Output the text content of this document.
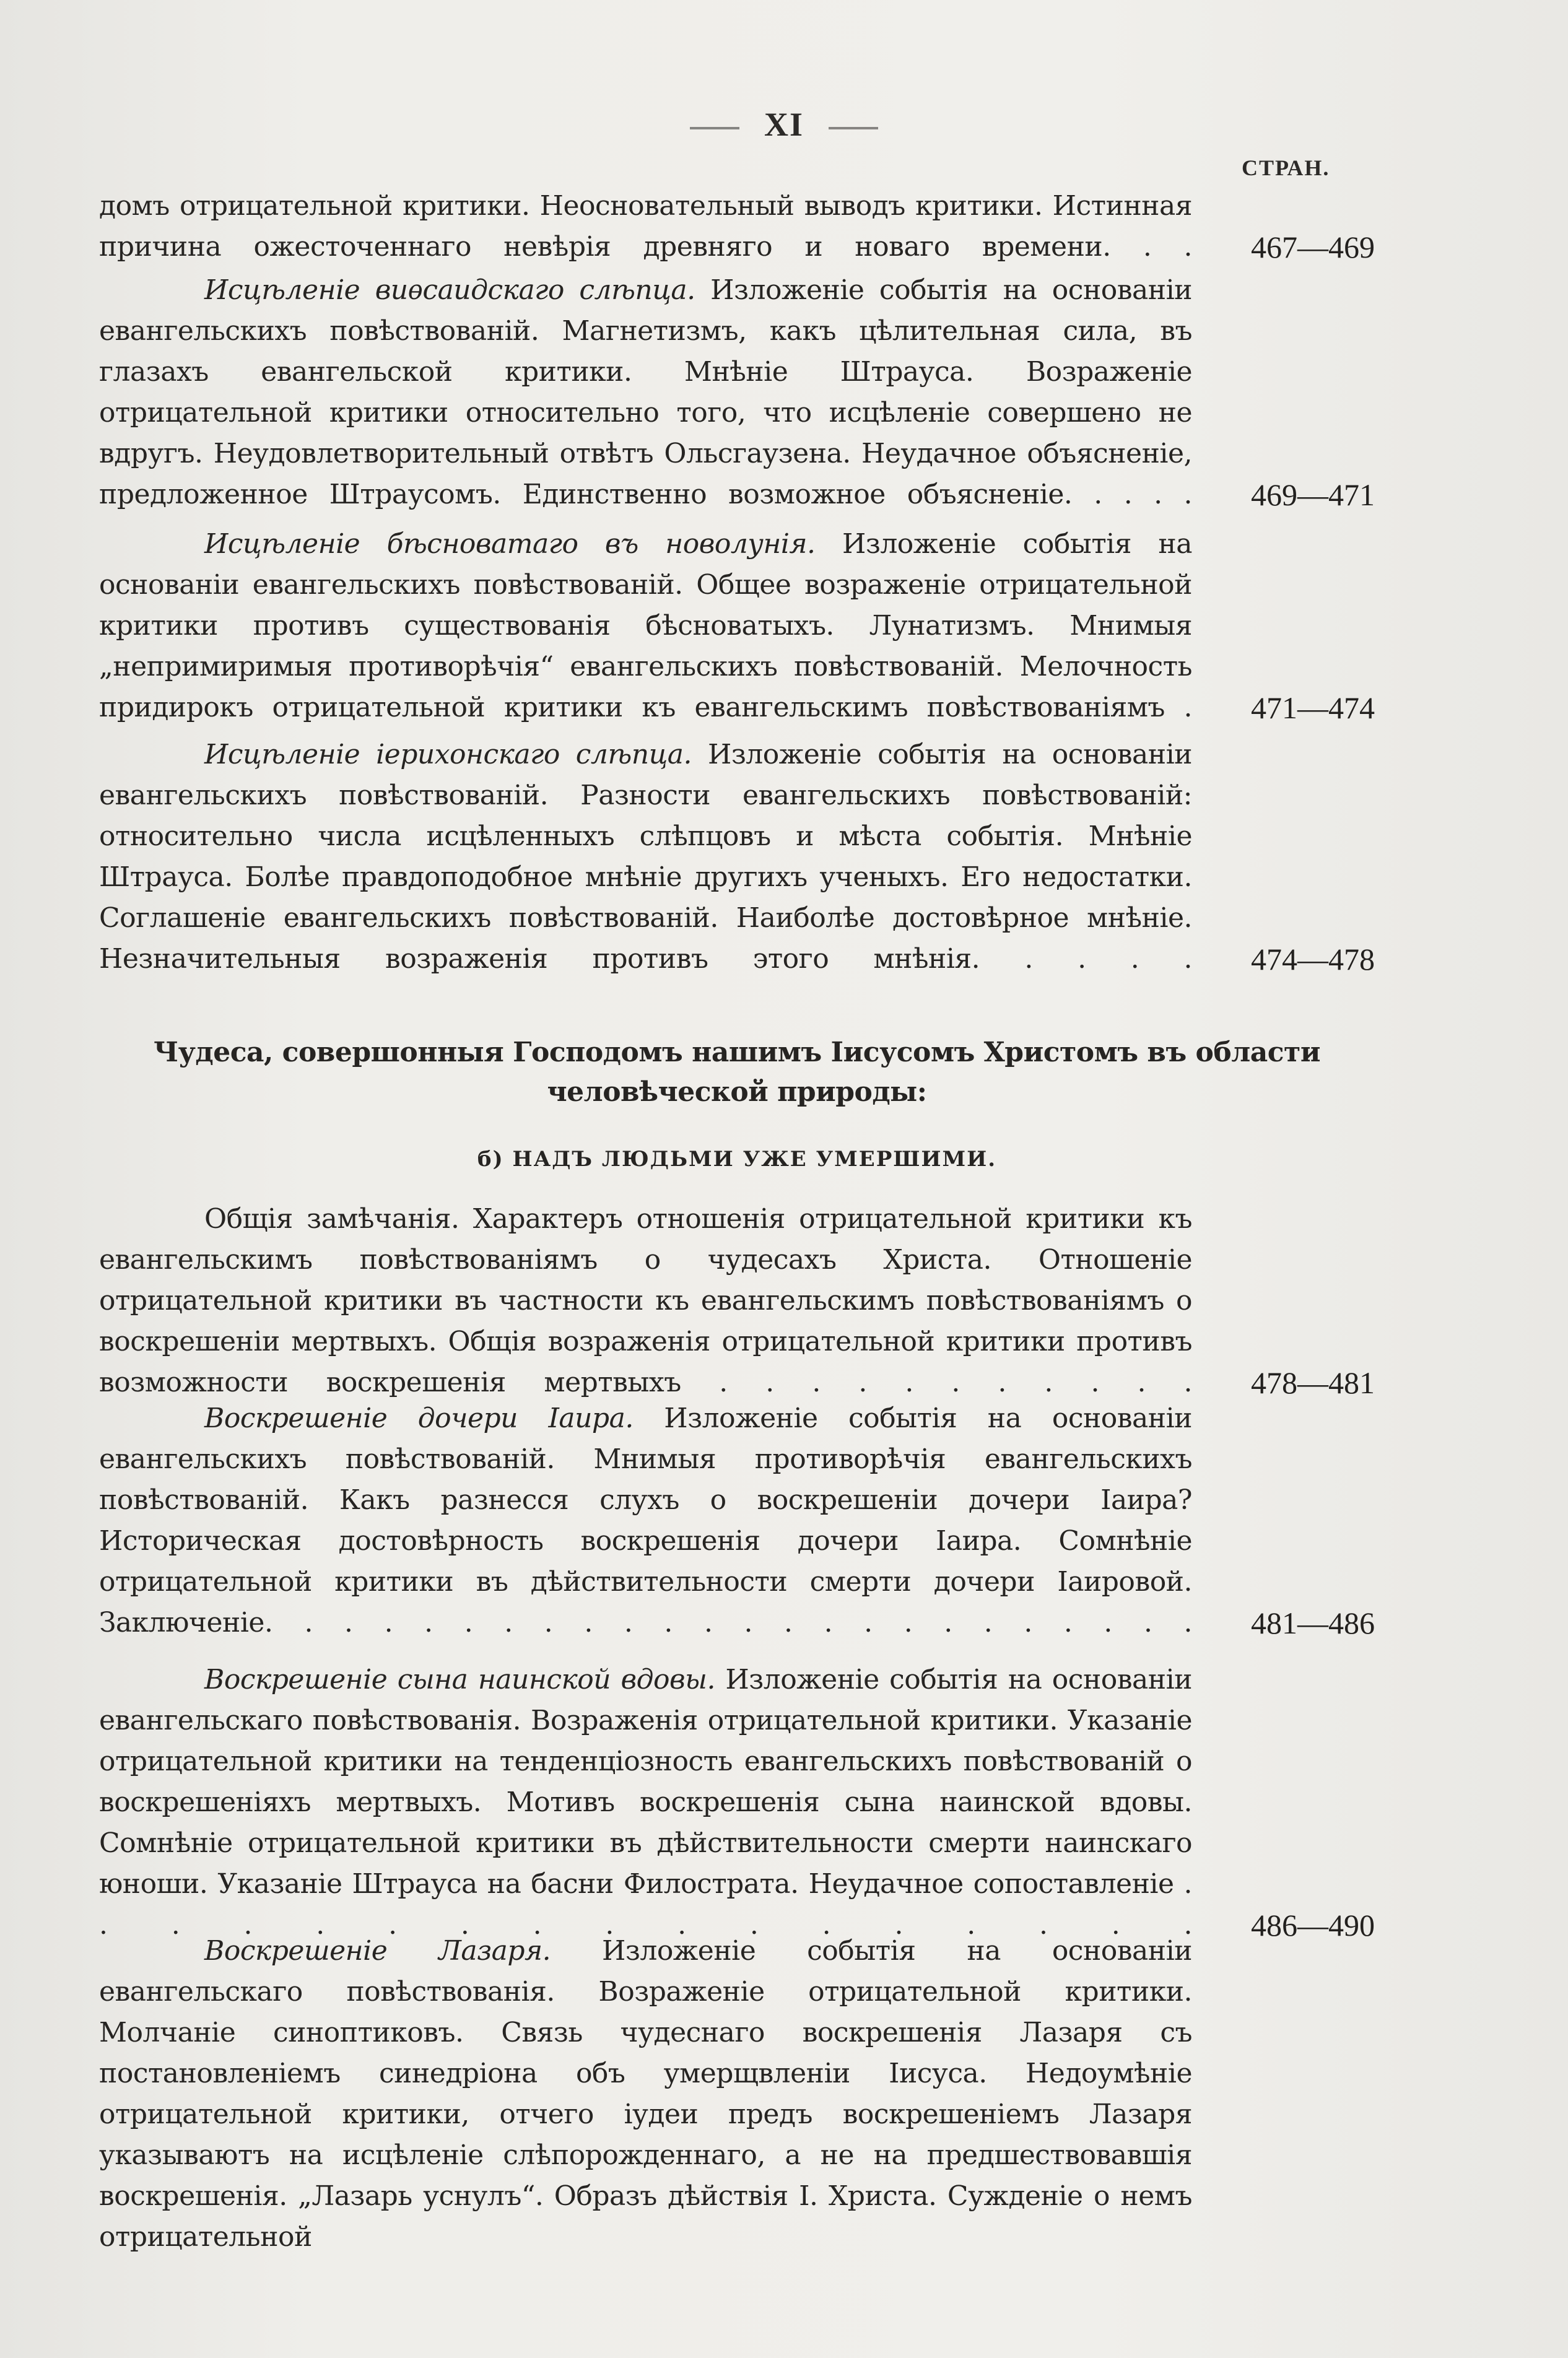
XI
СТРАН.
домъ отрицательной критики. Неосновательный выводъ критики. Истинная причина ожесточеннаго невѣрія древняго и новаго времени. . . 467—469
Исцѣленіе виѳсаидскаго слѣпца. Изложеніе событія на основаніи евангельскихъ повѣствованій. Магнетизмъ, какъ цѣлительная сила, въ глазахъ евангельской критики. Мнѣніе Штрауса. Возраженіе отрицательной критики относительно того, что исцѣленіе совершено не вдругъ. Неудовлетворительный отвѣтъ Ольсгаузена. Неудачное объясненіе, предложенное Штраусомъ. Единственно возможное объясненіе. . . . . 469—471
Исцѣленіе бѣсноватаго въ новолунія. Изложеніе событія на основаніи евангельскихъ повѣствованій. Общее возраженіе отрицательной критики противъ существованія бѣсноватыхъ. Лунатизмъ. Мнимыя „непримиримыя противорѣчія“ евангельскихъ повѣствованій. Мелочность придирокъ отрицательной критики къ евангельскимъ повѣствованіямъ . 471—474
Исцѣленіе іерихонскаго слѣпца. Изложеніе событія на основаніи евангельскихъ повѣствованій. Разности евангельскихъ повѣствованій: относительно числа исцѣленныхъ слѣпцовъ и мѣста событія. Мнѣніе Штрауса. Болѣе правдоподобное мнѣніе другихъ ученыхъ. Его недостатки. Соглашеніе евангельскихъ повѣствованій. Наиболѣе достовѣрное мнѣніе. Незначительныя возраженія противъ этого мнѣнія. . . . . 474—478
Чудеса, совершонныя Господомъ нашимъ Іисусомъ Христомъ въ области человѣческой природы:
б) НАДЪ ЛЮДЬМИ УЖЕ УМЕРШИМИ.
Общія замѣчанія. Характеръ отношенія отрицательной критики къ евангельскимъ повѣствованіямъ о чудесахъ Христа. Отношеніе отрицательной критики въ частности къ евангельскимъ повѣствованіямъ о воскрешеніи мертвыхъ. Общія возраженія отрицательной критики противъ возможности воскрешенія мертвыхъ . . . . . . . . . . . 478—481
Воскрешеніе дочери Іаира. Изложеніе событія на основаніи евангельскихъ повѣствованій. Мнимыя противорѣчія евангельскихъ повѣствованій. Какъ разнесся слухъ о воскрешеніи дочери Іаира? Историческая достовѣрность воскрешенія дочери Іаира. Сомнѣніе отрицательной критики въ дѣйствительности смерти дочери Іаировой. Заключеніе. . . . . . . . . . . . . . . . . . . . . . . . 481—486
Воскрешеніе сына наинской вдовы. Изложеніе событія на основаніи евангельскаго повѣствованія. Возраженія отрицательной критики. Указаніе отрицательной критики на тенденціозность евангельскихъ повѣствованій о воскрешеніяхъ мертвыхъ. Мотивъ воскрешенія сына наинской вдовы. Сомнѣніе отрицательной критики въ дѣйствительности смерти наинскаго юноши. Указаніе Штрауса на басни Филострата. Неудачное сопоставленіе . . . . . . . . . . . . . . . . . 486—490
Воскрешеніе Лазаря. Изложеніе событія на основаніи евангельскаго повѣствованія. Возраженіе отрицательной критики. Молчаніе синоптиковъ. Связь чудеснаго воскрешенія Лазаря съ постановленіемъ синедріона объ умерщвленіи Іисуса. Недоумѣніе отрицательной критики, отчего іудеи предъ воскрешеніемъ Лазаря указываютъ на исцѣленіе слѣпорожденнаго, а не на предшествовавшія воскрешенія. „Лазарь уснулъ“. Образъ дѣйствія І. Христа. Сужденіе о немъ отрицательной
